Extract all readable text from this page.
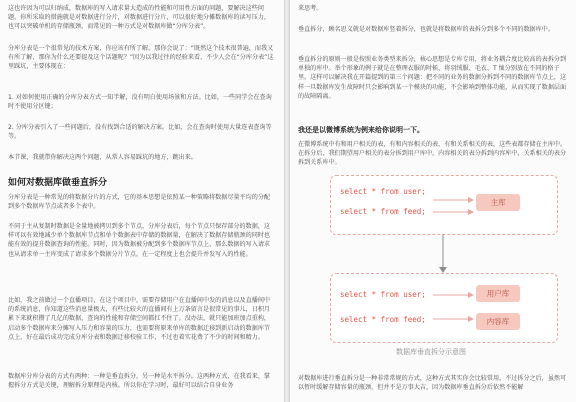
这也许因为可以归纳成，数据库的写入请求量大造成的性能和可用性方面的问题，要解决这些问题，你所采取的措施就是对数据进行分片，对数据进行分片，可以很好地分摊数据库的读写压力，也可以突破单机的存储瓶颈，而常见的一种方式是对数据库做“分库分表”。

分库分表是一个很常见的技术方案，你应该有所了解。那你会说了：“既然这个技术很普遍，而我又有所了解，那你为什么还要提及这个话题呢？”因为以我过往的经验来看，不少人会在“分库分表”这里踩坑，主要体现在：

1. 对如何使用正确的分库分表方式一知半解，没有明白使用场景和方法。比如，一些同学会在查询时不使用分区键；

2. 分库分表引入了一些问题后，没有找到合适的解决方案。比如，会在查询时使用大量连表查询等等。

本节课，我就带你解决这两个问题，从常人容易踩坑的地方，跳出来。

如何对数据库做垂直拆分

分库分表是一种常见的将数据分片的方式，它的基本思想是依照某一种策略将数据尽量平均的分配到多个数据库节点或者多个表中。

不同于主从复制时数据是全量地被拷贝到多个节点，分库分表后，每个节点只保存部分的数据，这样可以有效地减少单个数据库节点和单个数据表中存储的数据量，在解决了数据存储瓶颈的同时也能有效的提升数据查询的性能。同时，因为数据被分配到多个数据库节点上，那么数据的写入请求也从请求单一主库变成了请求多个数据分片节点，在一定程度上也会提升并发写入的性能。

比如，我之前做过一个直播项目，在这个项目中，需要存储用户在直播间中发的消息以及直播间中的系统消息，你知道这些消息量极大，有些比较火的直播间有上万条留言是很常见的事儿，日积月累下来就积攒了几亿的数据，查询的性能和存储空间都扛不住了。没办法，就只能加班加点重构，启动多个数据库来分摊写入压力和容量的压力，也需要将原来单库的数据迁移到新启动的数据库节点上，好在最后成功完成分库分表和数据迁移校验工作，不过也着实花费了不少的时间和精力。

数据库分库分表的方式有两种：一种是垂直拆分，另一种是水平拆分。这两种方式，在我看来，掌握拆分方式是关键，理解拆分原理是内核。所以你在学习时，最好可以结合自身业务

来思考。

垂直拆分，顾名思义就是对数据库竖着拆分，也就是将数据库的表拆分到多个不同的数据库中。

垂直拆分的原则一般是按照业务类型来拆分，核心思想是专库专用，将业务耦合度比较高的表拆分到单独的库中。举个形象的例子就是在整理衣服的时候，将羽绒服、毛衣、T 恤分别放在不同的格子里。这样可以解决我在开篇提到的第三个问题：把不同的业务的数据分拆到不同的数据库节点上，这样一旦数据库发生故障时只会影响到某一个模块的功能，不会影响到整体功能，从而实现了数据层面的故障隔离。

我还是以微博系统为例来给你说明一下。

在微博系统中有和用户相关的表，有和内容相关的表，有和关系相关的表，这些表都存储在主库中。在拆分后，我们期望用户相关的表分拆到用户库中，内容相关的表分拆到内容库中，关系相关的表分拆到关系库中。

select * from user;
select * from feed;
主库
select * from user;
select * from feed;
用户库
内容库
数据库垂直拆分示意图

对数据库进行垂直拆分是一种非常常规的方式，这种方式其实你会比较常用，不过拆分之后，虽然可以暂时缓解存储容量的瓶颈，但并不是万事大吉，因为数据库垂直拆分后依然不能解
